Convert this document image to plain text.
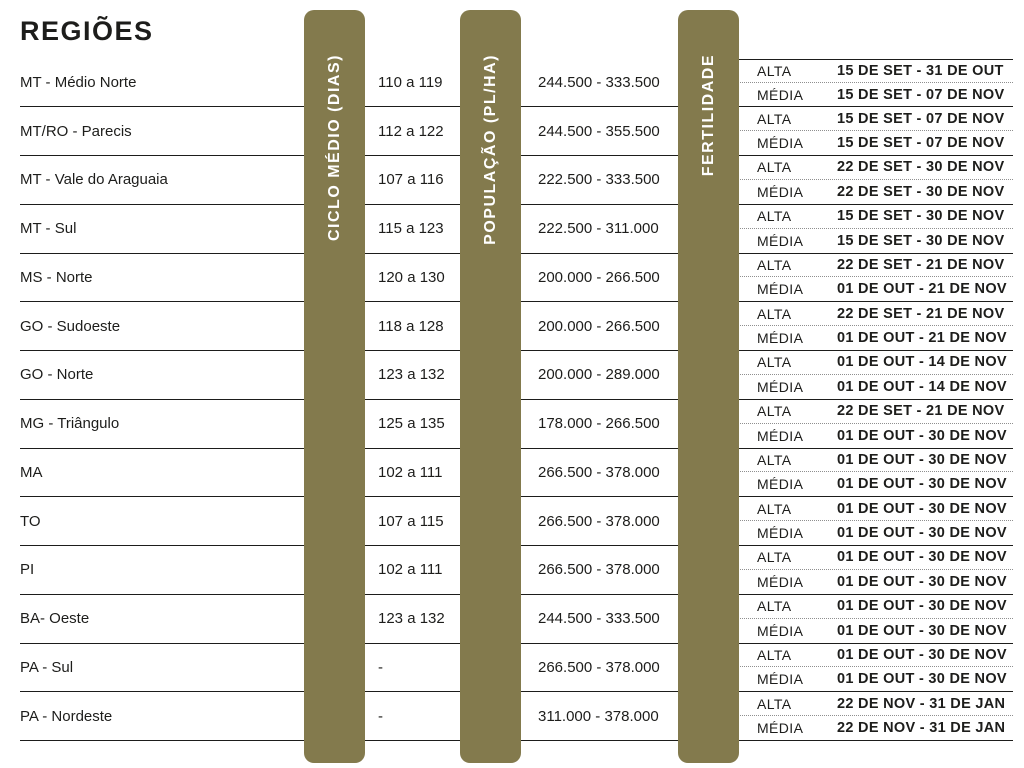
REGIÕES
MT - Médio Norte	110 a 119	244.500 - 333.500
ALTA	15 DE SET - 31 DE OUT
MÉDIA	15 DE SET - 07 DE NOV
MT/RO - Parecis	112 a 122	244.500 - 355.500
ALTA	15 DE SET - 07 DE NOV
MÉDIA	15 DE SET - 07 DE NOV
MT - Vale do Araguaia	107 a 116	222.500 - 333.500
ALTA	22 DE SET - 30 DE NOV
MÉDIA	22 DE SET - 30 DE NOV
MT - Sul	115 a 123	222.500 - 311.000
ALTA	15 DE SET - 30 DE NOV
MÉDIA	15 DE SET - 30 DE NOV
MS - Norte	120 a 130	200.000 - 266.500
ALTA	22 DE SET - 21 DE NOV
MÉDIA	01 DE OUT - 21 DE NOV
GO - Sudoeste	118 a 128	200.000 - 266.500
ALTA	22 DE SET - 21 DE NOV
MÉDIA	01 DE OUT - 21 DE NOV
GO - Norte	123 a 132	200.000 - 289.000
ALTA	01 DE OUT - 14 DE NOV
MÉDIA	01 DE OUT - 14 DE NOV
MG - Triângulo	125 a 135	178.000 - 266.500
ALTA	22 DE SET - 21 DE NOV
MÉDIA	01 DE OUT - 30 DE NOV
MA	102 a 111	266.500 - 378.000
ALTA	01 DE OUT - 30 DE NOV
MÉDIA	01 DE OUT - 30 DE NOV
TO	107 a 115	266.500 - 378.000
ALTA	01 DE OUT - 30 DE NOV
MÉDIA	01 DE OUT - 30 DE NOV
PI	102 a 111	266.500 - 378.000
ALTA	01 DE OUT - 30 DE NOV
MÉDIA	01 DE OUT - 30 DE NOV
BA- Oeste	123 a 132	244.500 - 333.500
ALTA	01 DE OUT - 30 DE NOV
MÉDIA	01 DE OUT - 30 DE NOV
PA - Sul	-	266.500 - 378.000
ALTA	01 DE OUT - 30 DE NOV
MÉDIA	01 DE OUT - 30 DE NOV
PA - Nordeste	-	311.000 - 378.000
ALTA	22 DE NOV - 31 DE JAN
MÉDIA	22 DE NOV - 31 DE JAN
CICLO MÉDIO (DIAS)	POPULAÇÃO (PL/HA)	FERTILIDADE
